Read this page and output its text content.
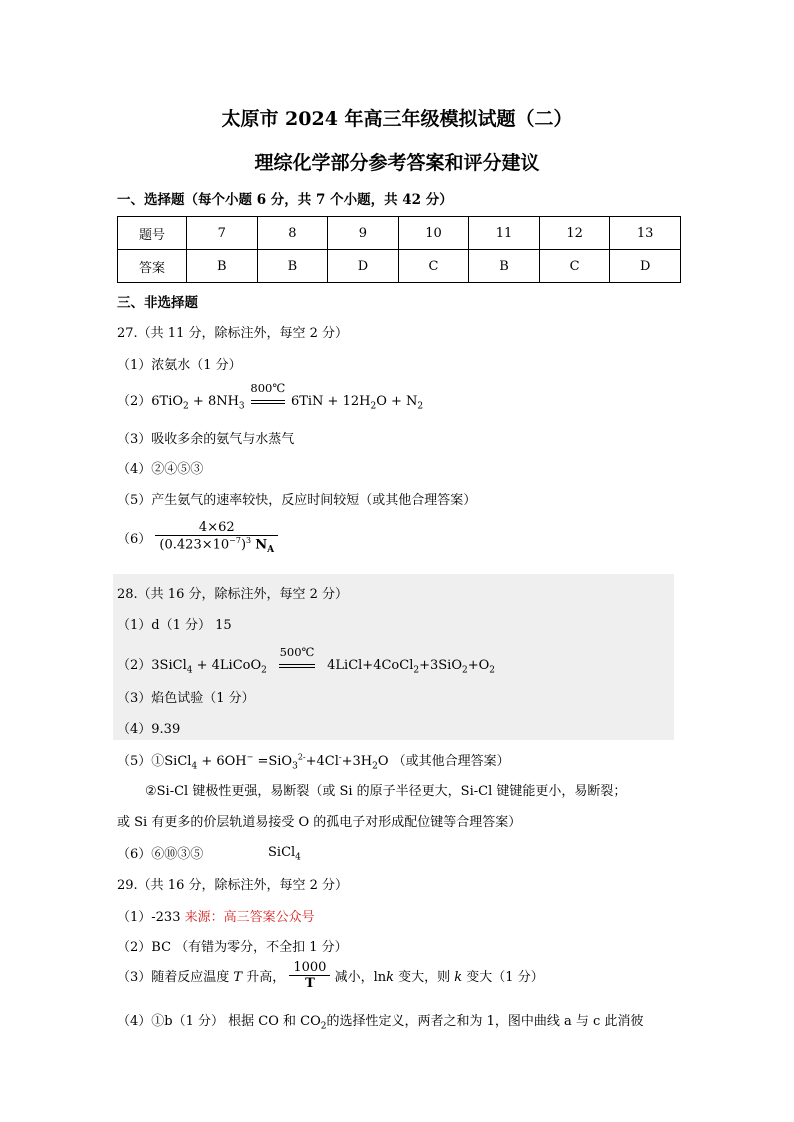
太原市 2024 年高三年级模拟试题（二）
理综化学部分参考答案和评分建议
一、选择题（每个小题 6 分，共 7 个小题，共 42 分）
题号	7	8	9	10	11	12	13
答案	B	B	D	C	B	C	D
三、非选择题
27.（共 11 分，除标注外，每空 2 分）
（1）浓氨水（1 分）
$(2)6TiO_2 + 8NH_3$
800℃
$6TiN + 12H_2O + N_2$
（3）吸收多余的氨气与水蒸气
（4）②④⑤③
（5）产生氨气的速率较快，反应时间较短（或其他合理答案）
$(6) \frac{4\times 62}{(0.423\times 10^{-7})^3 N_A}$
28.（共 16 分，除标注外，每空 2 分）
（1）d（1 分） 15
（2）3SiCl$_4$ + 4LiCoO$_2$
500℃
$4LiCl+4CoCl_2+3SiO_2+O_2$
（3）焰色试验（1 分）
（4）9.39
（5）①SiCl$_4$ + $6OH^- =SiO_3^{2-}+4Cl^-+3H_2O$ （或其他合理答案）
②Si-Cl 键极性更强，易断裂（或 Si 的原子半径更大，Si-Cl 键键能更小，易断裂；
或 Si 有更多的价层轨道易接受 O 的孤电子对形成配位键等合理答案）
（6）⑥⑩③⑤	SiCl$_4$
29.（共 16 分，除标注外，每空 2 分）
（1）-233 来源：高三答案公众号
（2）BC （有错为零分，不全扣 1 分）
（3）随着反应温度 T 升高， $\frac{1000}{T}$ 减小，lnk 变大，则 k 变大（1 分）
（4）①b（1 分） 根据 CO 和 $CO_2$的选择性定义，两者之和为 1，图中曲线 a 与 c 此消彼
